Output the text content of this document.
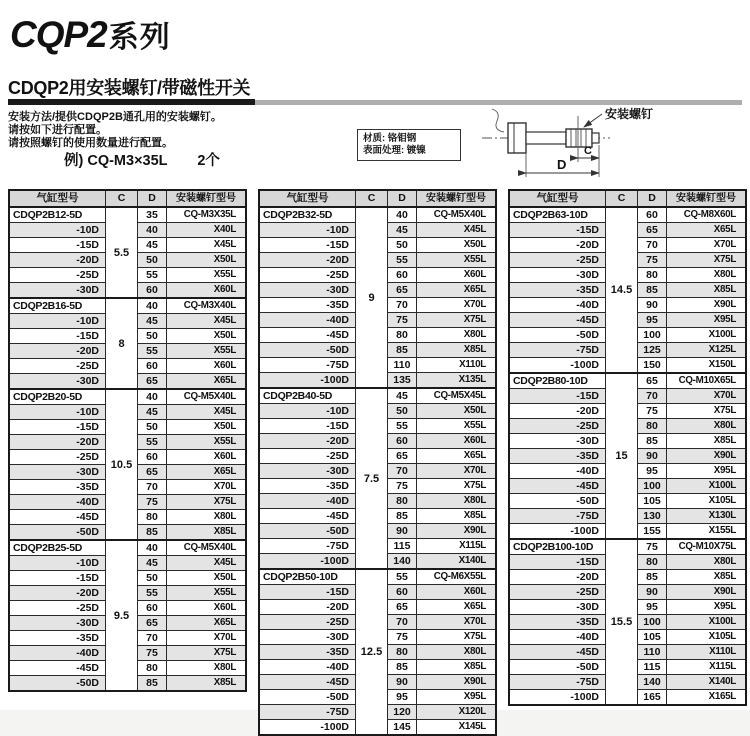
CQP2 系列
CDQP2用安装螺钉/带磁性开关
安装方法/提供CDQP2B通孔用的安装螺钉。
请按如下进行配置。
请按照螺钉的使用数量进行配置。
例) CQ-M3×35L 2个
材质: 铬钼钢
表面处理: 镀镍
安装螺钉
C
D
气缸型号	C	D	安装螺钉型号
CDQP2B12-5D	5.5	35	CQ-M3X35L
-10D		40	X40L
-15D		45	X45L
-20D		50	X50L
-25D		55	X55L
-30D		60	X60L
CDQP2B16-5D	8	40	CQ-M3X40L
-10D		45	X45L
-15D		50	X50L
-20D		55	X55L
-25D		60	X60L
-30D		65	X65L
CDQP2B20-5D	10.5	40	CQ-M5X40L
-10D		45	X45L
-15D		50	X50L
-20D		55	X55L
-25D		60	X60L
-30D		65	X65L
-35D		70	X70L
-40D		75	X75L
-45D		80	X80L
-50D		85	X85L
CDQP2B25-5D	9.5	40	CQ-M5X40L
-10D		45	X45L
-15D		50	X50L
-20D		55	X55L
-25D		60	X60L
-30D		65	X65L
-35D		70	X70L
-40D		75	X75L
-45D		80	X80L
-50D		85	X85L
气缸型号	C	D	安装螺钉型号
CDQP2B32-5D	9	40	CQ-M5X40L
-10D		45	X45L
-15D		50	X50L
-20D		55	X55L
-25D		60	X60L
-30D		65	X65L
-35D		70	X70L
-40D		75	X75L
-45D		80	X80L
-50D		85	X85L
-75D		110	X110L
-100D		135	X135L
CDQP2B40-5D	7.5	45	CQ-M5X45L
-10D		50	X50L
-15D		55	X55L
-20D		60	X60L
-25D		65	X65L
-30D		70	X70L
-35D		75	X75L
-40D		80	X80L
-45D		85	X85L
-50D		90	X90L
-75D		115	X115L
-100D		140	X140L
CDQP2B50-10D	12.5	55	CQ-M6X55L
-15D		60	X60L
-20D		65	X65L
-25D		70	X70L
-30D		75	X75L
-35D		80	X80L
-40D		85	X85L
-45D		90	X90L
-50D		95	X95L
-75D		120	X120L
-100D		145	X145L
气缸型号	C	D	安装螺钉型号
CDQP2B63-10D	14.5	60	CQ-M8X60L
-15D		65	X65L
-20D		70	X70L
-25D		75	X75L
-30D		80	X80L
-35D		85	X85L
-40D		90	X90L
-45D		95	X95L
-50D		100	X100L
-75D		125	X125L
-100D		150	X150L
CDQP2B80-10D	15	65	CQ-M10X65L
-15D		70	X70L
-20D		75	X75L
-25D		80	X80L
-30D		85	X85L
-35D		90	X90L
-40D		95	X95L
-45D		100	X100L
-50D		105	X105L
-75D		130	X130L
-100D		155	X155L
CDQP2B100-10D	15.5	75	CQ-M10X75L
-15D		80	X80L
-20D		85	X85L
-25D		90	X90L
-30D		95	X95L
-35D		100	X100L
-40D		105	X105L
-45D		110	X110L
-50D		115	X115L
-75D		140	X140L
-100D		165	X165L
